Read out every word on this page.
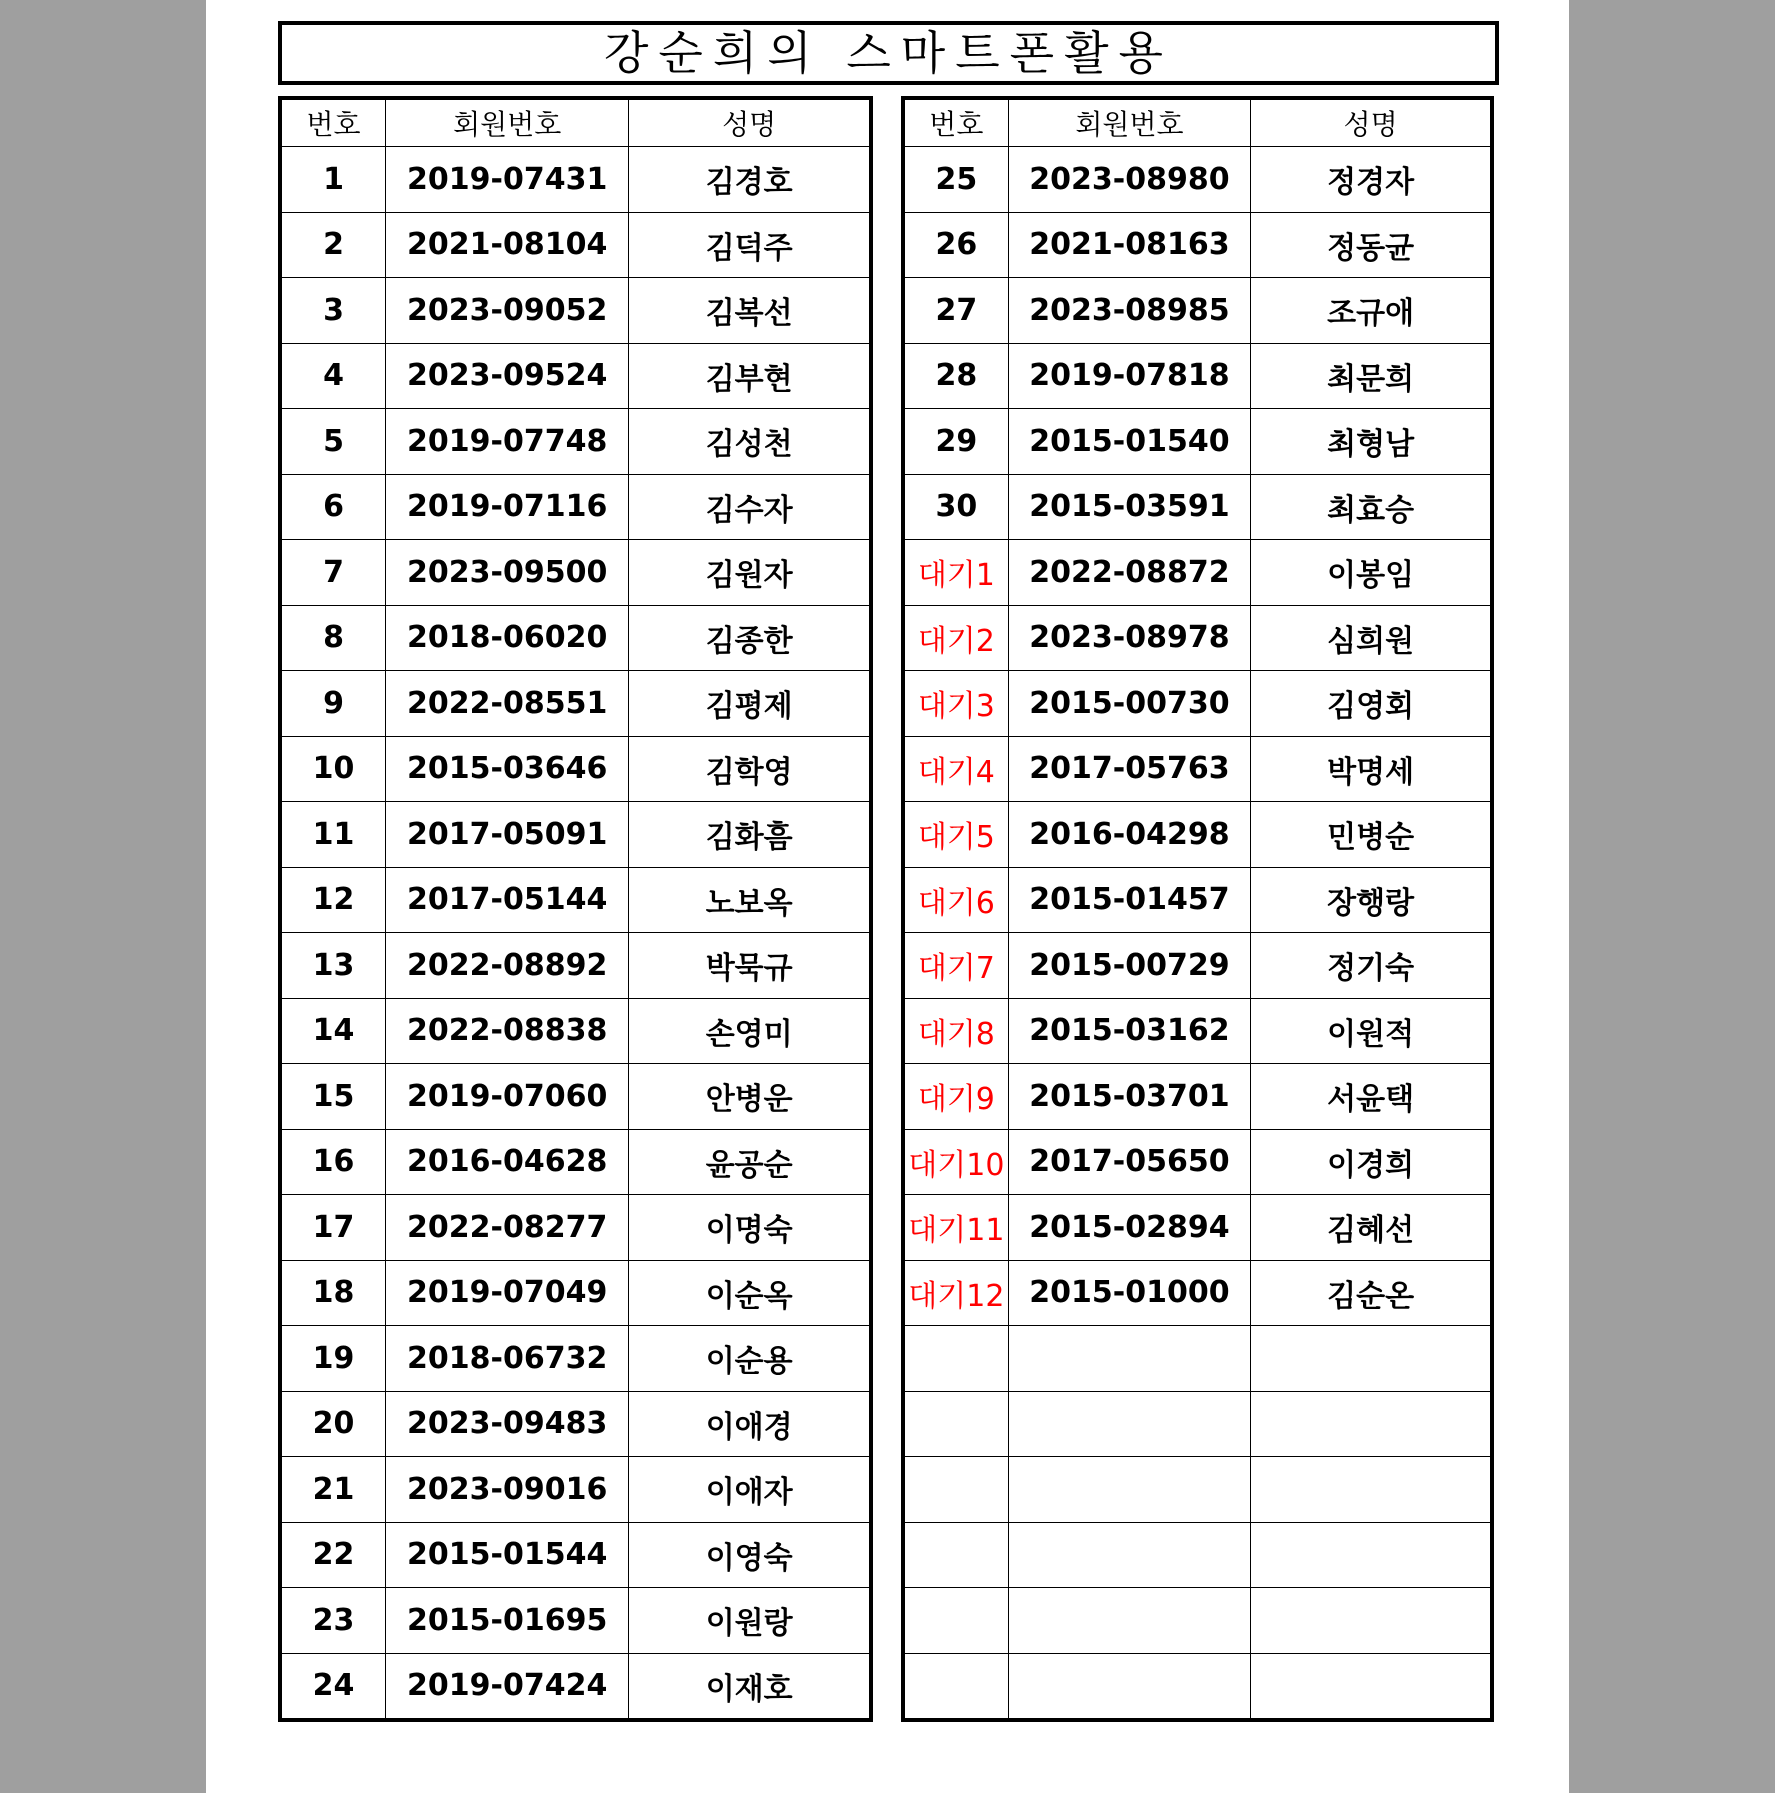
강순희의 스마트폰활용
번호	회원번호	성명
1	2019-07431	김경호
2	2021-08104	김덕주
3	2023-09052	김복선
4	2023-09524	김부현
5	2019-07748	김성천
6	2019-07116	김수자
7	2023-09500	김원자
8	2018-06020	김종한
9	2022-08551	김평제
10	2015-03646	김학영
11	2017-05091	김화흠
12	2017-05144	노보옥
13	2022-08892	박묵규
14	2022-08838	손영미
15	2019-07060	안병운
16	2016-04628	윤공순
17	2022-08277	이명숙
18	2019-07049	이순옥
19	2018-06732	이순용
20	2023-09483	이애경
21	2023-09016	이애자
22	2015-01544	이영숙
23	2015-01695	이원랑
24	2019-07424	이재호
번호	회원번호	성명
25	2023-08980	정경자
26	2021-08163	정동균
27	2023-08985	조규애
28	2019-07818	최문희
29	2015-01540	최형남
30	2015-03591	최효승
대기1	2022-08872	이봉임
대기2	2023-08978	심희원
대기3	2015-00730	김영회
대기4	2017-05763	박명세
대기5	2016-04298	민병순
대기6	2015-01457	장행랑
대기7	2015-00729	정기숙
대기8	2015-03162	이원적
대기9	2015-03701	서윤택
대기10	2017-05650	이경희
대기11	2015-02894	김혜선
대기12	2015-01000	김순온
